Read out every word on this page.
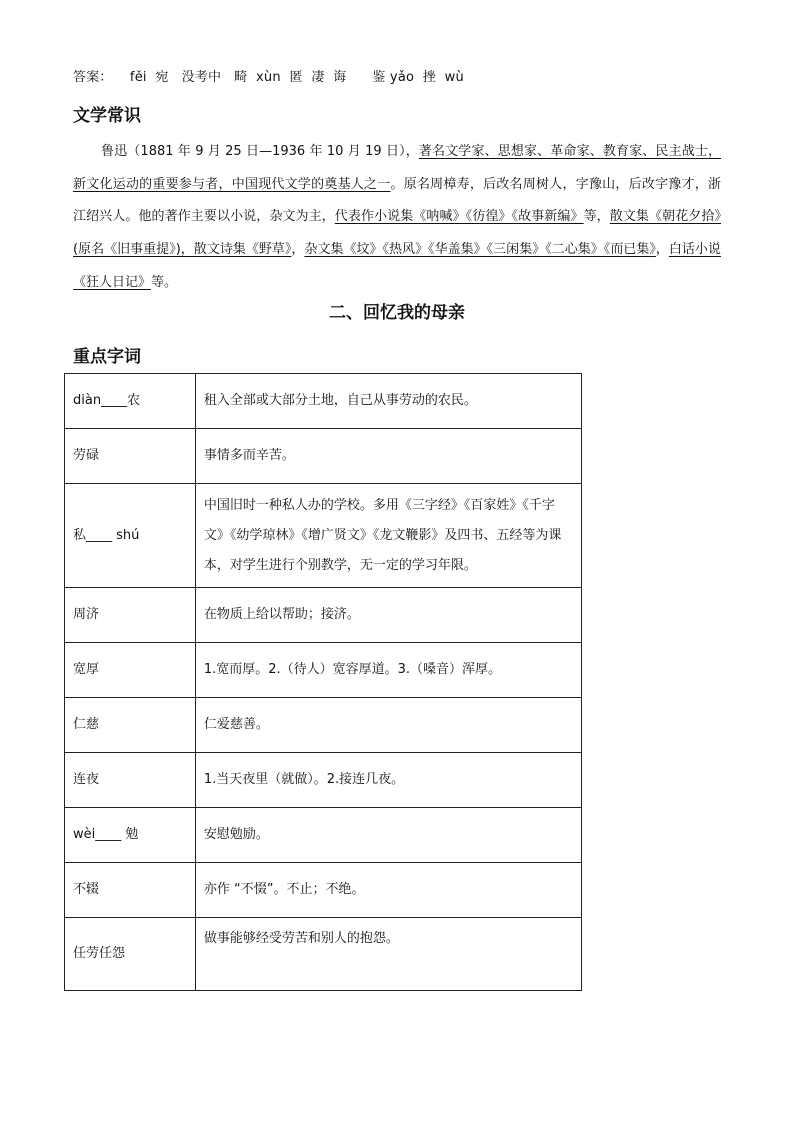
答案：    fěi  宛   没考中   畸  xùn  匿  凄  诲      鉴 yǎo  挫  wù
文学常识
鲁迅（1881 年 9 月 25 日—1936 年 10 月 19 日），著名文学家、思想家、革命家、教育家、民主战士，新文化运动的重要参与者，中国现代文学的奠基人之一。原名周樟寿，后改名周树人，字豫山，后改字豫才，浙江绍兴人。他的著作主要以小说，杂文为主，代表作小说集《呐喊》《彷徨》《故事新编》等，散文集《朝花夕拾》(原名《旧事重提》)，散文诗集《野草》，杂文集《坟》《热风》《华盖集》《三闲集》《二心集》《而已集》，白话小说《狂人日记》等。
二、回忆我的母亲
重点字词
diàn____农	租入全部或大部分土地，自己从事劳动的农民。
劳碌	事情多而辛苦。
私____ shú	中国旧时一种私人办的学校。多用《三字经》《百家姓》《千字文》《幼学琼林》《增广贤文》《龙文鞭影》及四书、五经等为课本，对学生进行个别教学，无一定的学习年限。
周济	在物质上给以帮助；接济。
宽厚	1.宽而厚。2.（待人）宽容厚道。3.（嗓音）浑厚。
仁慈	仁爱慈善。
连夜	1.当天夜里（就做）。2.接连几夜。
wèi____ 勉	安慰勉励。
不辍	亦作 “不惙”。不止；不绝。
任劳任怨	做事能够经受劳苦和别人的抱怨。
